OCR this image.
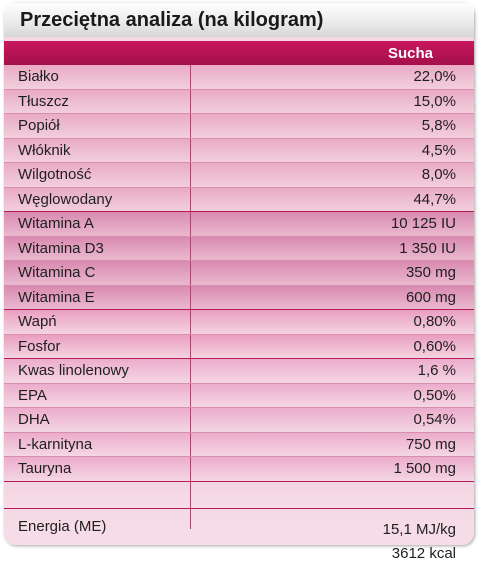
Przeciętna analiza (na kilogram)
Sucha
Białko	22,0%
Tłuszcz	15,0%
Popiół	5,8%
Włóknik	4,5%
Wilgotność	8,0%
Węglowodany	44,7%
Witamina A	10 125 IU
Witamina D3	1 350 IU
Witamina C	350 mg
Witamina E	600 mg
Wapń	0,80%
Fosfor	0,60%
Kwas linolenowy	1,6 %
EPA	0,50%
DHA	0,54%
L-karnityna	750 mg
Tauryna	1 500 mg
Energia (ME)	15,1 MJ/kg
3612 kcal
